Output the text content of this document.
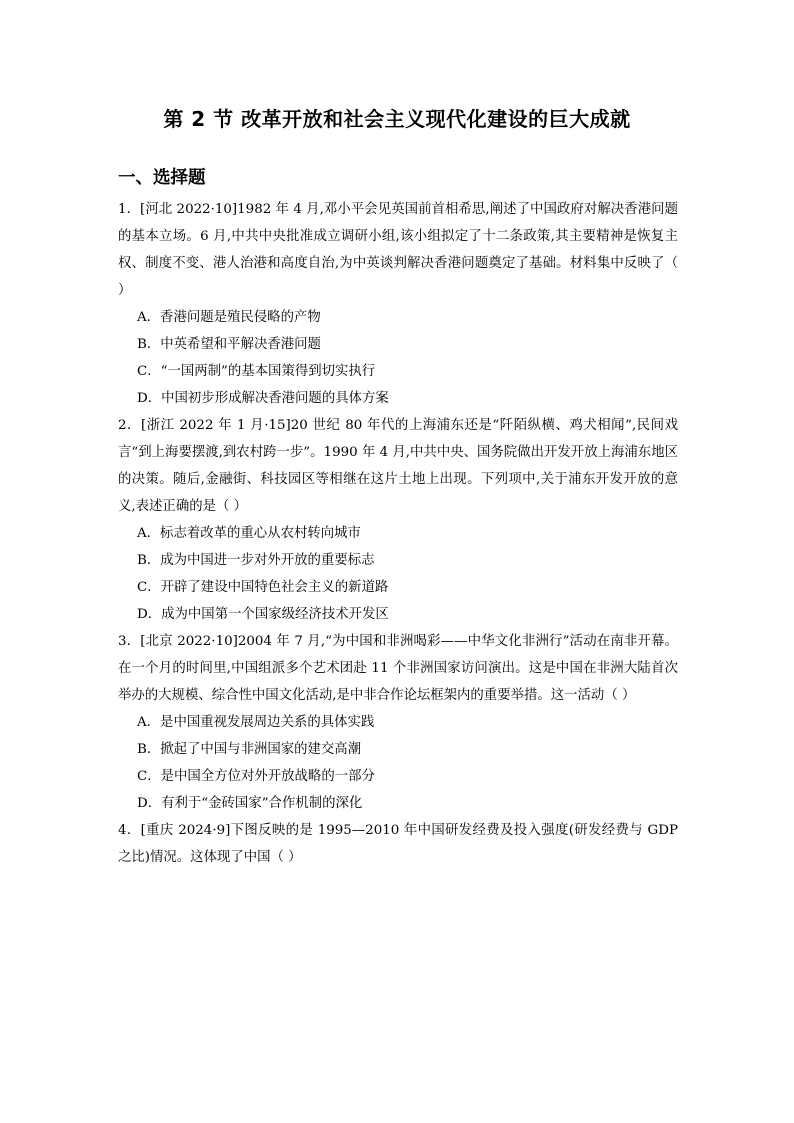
第 2 节 改革开放和社会主义现代化建设的巨大成就
一、选择题

1．[河北 2022·10]1982 年 4 月,邓小平会见英国前首相希思,阐述了中国政府对解决香港问题的基本立场。6 月,中共中央批准成立调研小组,该小组拟定了十二条政策,其主要精神是恢复主权、制度不变、港人治港和高度自治,为中英谈判解决香港问题奠定了基础。材料集中反映了（ ）

A．香港问题是殖民侵略的产物

B．中英希望和平解决香港问题

C．“一国两制”的基本国策得到切实执行

D．中国初步形成解决香港问题的具体方案

2．[浙江 2022 年 1 月·15]20 世纪 80 年代的上海浦东还是“阡陌纵横、鸡犬相闻”,民间戏言“到上海要摆渡,到农村跨一步”。1990 年 4 月,中共中央、国务院做出开发开放上海浦东地区的决策。随后,金融街、科技园区等相继在这片土地上出现。下列项中,关于浦东开发开放的意义,表述正确的是（ ）

A．标志着改革的重心从农村转向城市

B．成为中国进一步对外开放的重要标志

C．开辟了建设中国特色社会主义的新道路

D．成为中国第一个国家级经济技术开发区

3．[北京 2022·10]2004 年 7 月,“为中国和非洲喝彩——中华文化非洲行”活动在南非开幕。在一个月的时间里,中国组派多个艺术团赴 11 个非洲国家访问演出。这是中国在非洲大陆首次举办的大规模、综合性中国文化活动,是中非合作论坛框架内的重要举措。这一活动（ ）

A．是中国重视发展周边关系的具体实践

B．掀起了中国与非洲国家的建交高潮

C．是中国全方位对外开放战略的一部分

D．有利于“金砖国家”合作机制的深化

4．[重庆 2024·9]下图反映的是 1995—2010 年中国研发经费及投入强度(研发经费与 GDP 之比)情况。这体现了中国（ ）
